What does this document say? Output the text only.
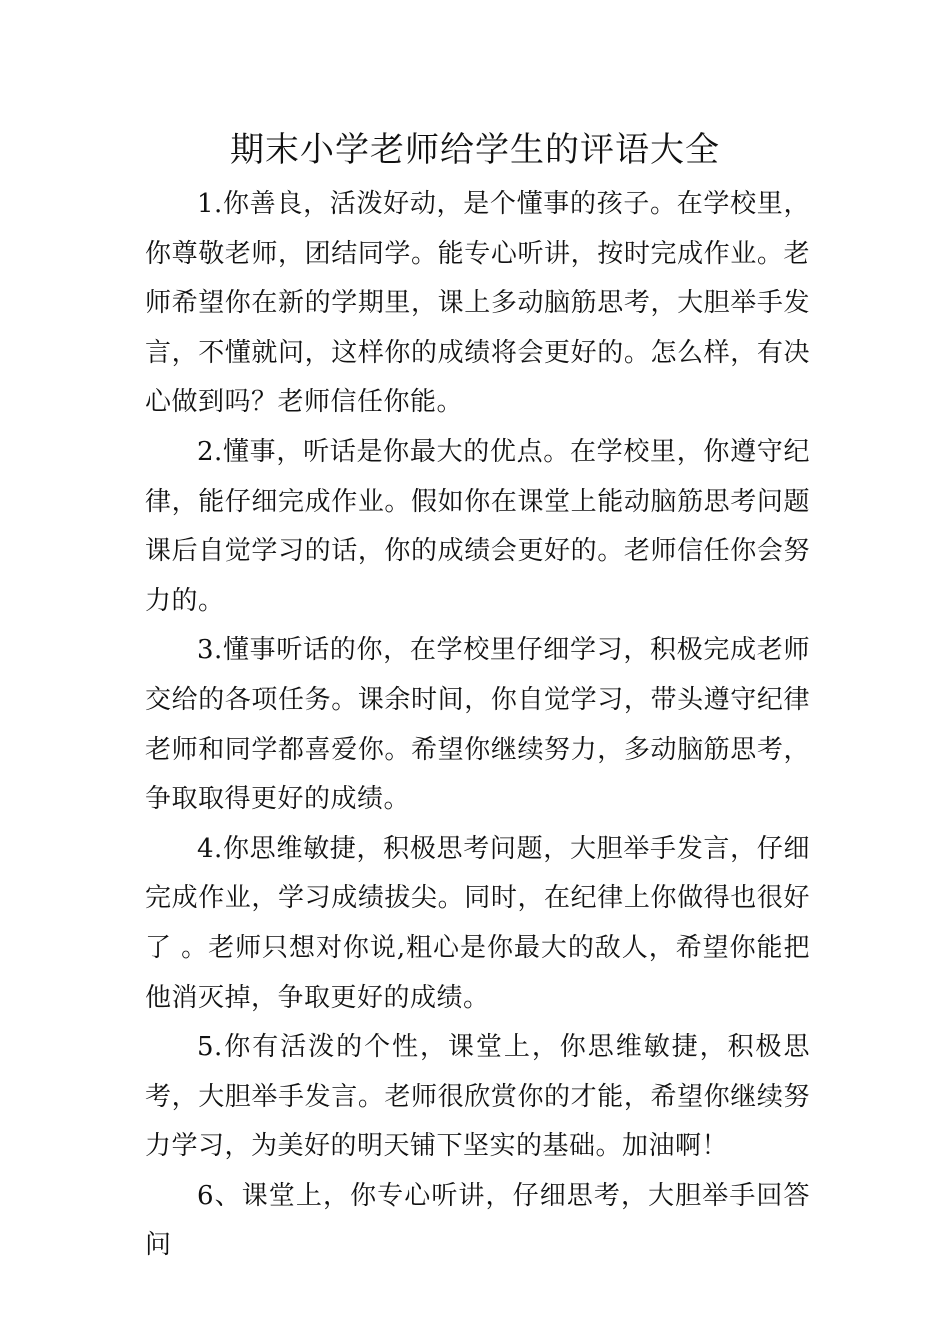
期末小学老师给学生的评语大全

1.你善良，活泼好动，是个懂事的孩子。在学校里，你尊敬老师，团结同学。能专心听讲，按时完成作业。老师希望你在新的学期里，课上多动脑筋思考，大胆举手发言，不懂就问，这样你的成绩将会更好的。怎么样，有决心做到吗？老师信任你能。

2.懂事，听话是你最大的优点。在学校里，你遵守纪律，能仔细完成作业。假如你在课堂上能动脑筋思考问题课后自觉学习的话，你的成绩会更好的。老师信任你会努力的。

3.懂事听话的你，在学校里仔细学习，积极完成老师交给的各项任务。课余时间，你自觉学习，带头遵守纪律老师和同学都喜爱你。希望你继续努力，多动脑筋思考，争取取得更好的成绩。

4.你思维敏捷，积极思考问题，大胆举手发言，仔细完成作业，学习成绩拔尖。同时，在纪律上你做得也很好了 。老师只想对你说,粗心是你最大的敌人，希望你能把他消灭掉，争取更好的成绩。

5.你有活泼的个性，课堂上，你思维敏捷，积极思考，大胆举手发言。老师很欣赏你的才能，希望你继续努力学习，为美好的明天铺下坚实的基础。加油啊！

6、课堂上，你专心听讲，仔细思考，大胆举手回答问
